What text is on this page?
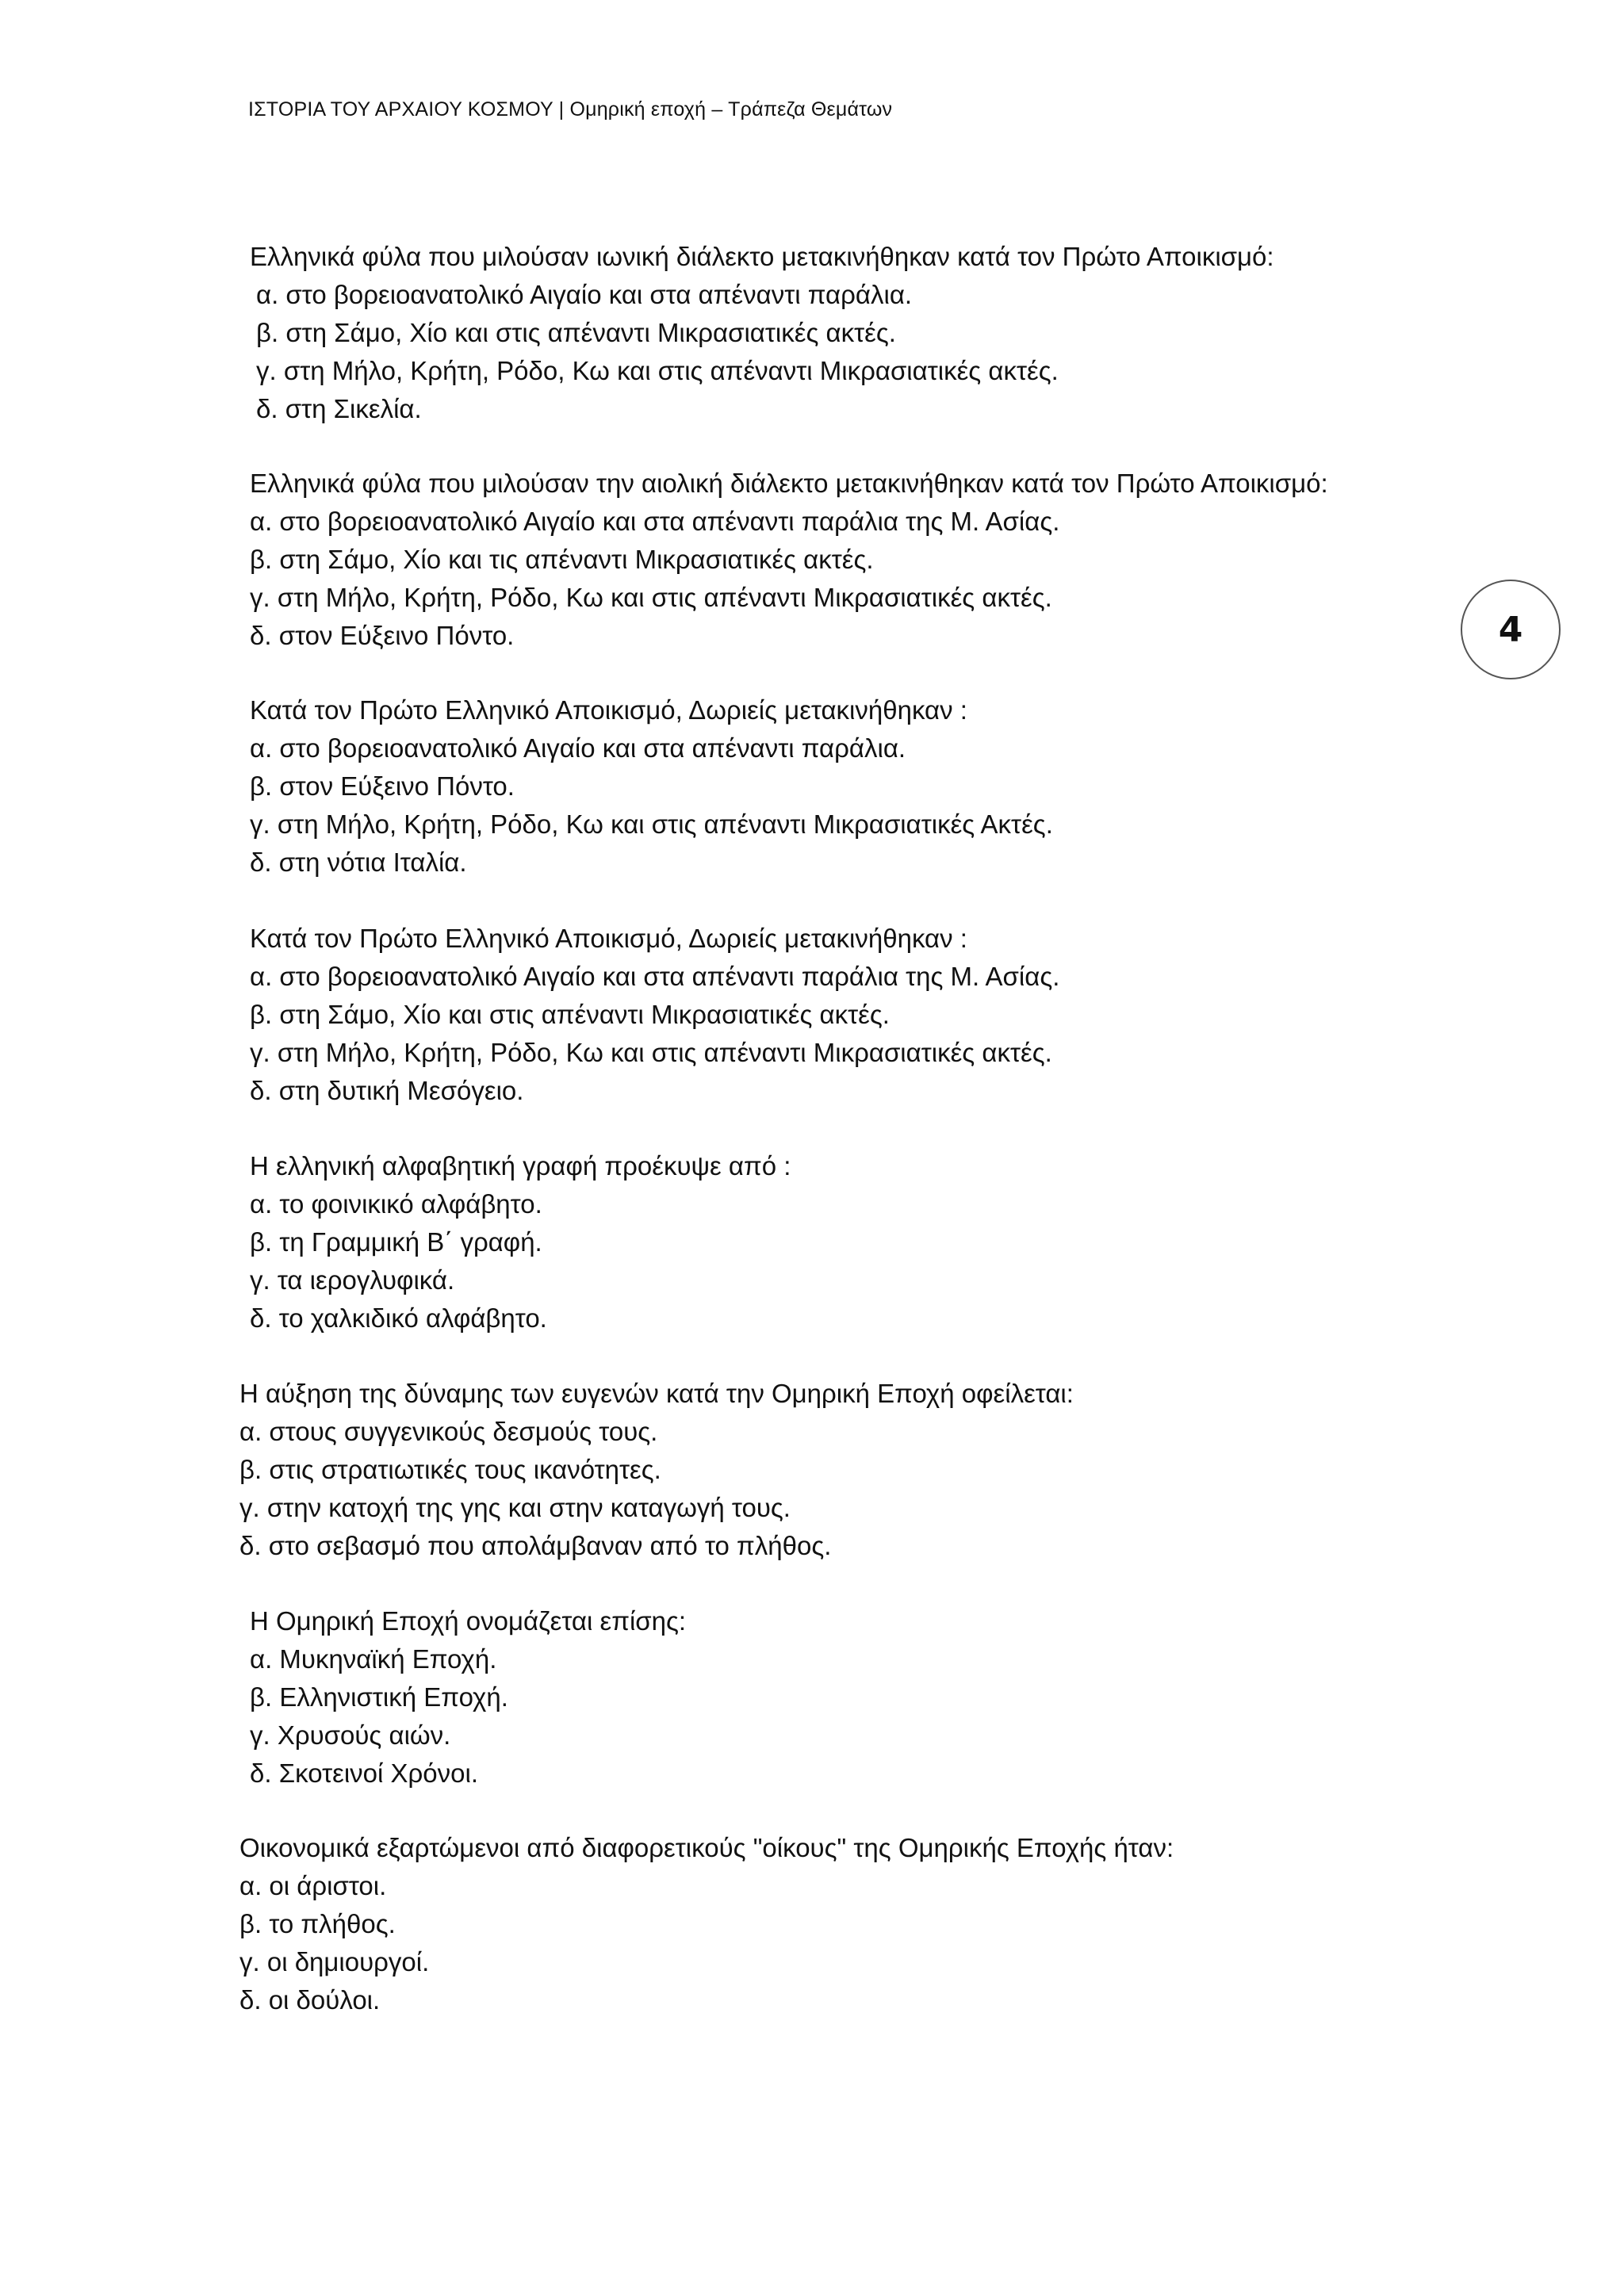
ΙΣΤΟΡΙΑ ΤΟΥ ΑΡΧΑΙΟΥ ΚΟΣΜΟΥ | Ομηρική εποχή – Τράπεζα Θεμάτων
4
Ελληνικά φύλα που μιλούσαν ιωνική διάλεκτο μετακινήθηκαν κατά τον Πρώτο Αποικισμό:
α. στο βορειοανατολικό Αιγαίο και στα απέναντι παράλια.
β. στη Σάμο, Χίο και στις απέναντι Μικρασιατικές ακτές.
γ. στη Μήλο, Κρήτη, Ρόδο, Κω και στις απέναντι Μικρασιατικές ακτές.
δ. στη Σικελία.
Ελληνικά φύλα που μιλούσαν την αιολική διάλεκτο μετακινήθηκαν κατά τον Πρώτο Αποικισμό:
α. στο βορειοανατολικό Αιγαίο και στα απέναντι παράλια της Μ. Ασίας.
β. στη Σάμο, Χίο και τις απέναντι Μικρασιατικές ακτές.
γ. στη Μήλο, Κρήτη, Ρόδο, Κω και στις απέναντι Μικρασιατικές ακτές.
δ. στον Εύξεινο Πόντο.
Κατά τον Πρώτο Ελληνικό Αποικισμό, Δωριείς μετακινήθηκαν :
α. στο βορειοανατολικό Αιγαίο και στα απέναντι παράλια.
β. στον Εύξεινο Πόντο.
γ. στη Μήλο, Κρήτη, Ρόδο, Κω και στις απέναντι Μικρασιατικές Ακτές.
δ. στη νότια Ιταλία.
Κατά τον Πρώτο Ελληνικό Αποικισμό, Δωριείς μετακινήθηκαν :
α. στο βορειοανατολικό Αιγαίο και στα απέναντι παράλια της Μ. Ασίας.
β. στη Σάμο, Χίο και στις απέναντι Μικρασιατικές ακτές.
γ. στη Μήλο, Κρήτη, Ρόδο, Κω και στις απέναντι Μικρασιατικές ακτές.
δ. στη δυτική Μεσόγειο.
Η ελληνική αλφαβητική γραφή προέκυψε από :
α. το φοινικικό αλφάβητο.
β. τη Γραμμική Β΄ γραφή.
γ. τα ιερογλυφικά.
δ. το χαλκιδικό αλφάβητο.
Η αύξηση της δύναμης των ευγενών κατά την Ομηρική Εποχή οφείλεται:
α. στους συγγενικούς δεσμούς τους.
β. στις στρατιωτικές τους ικανότητες.
γ. στην κατοχή της γης και στην καταγωγή τους.
δ. στο σεβασμό που απολάμβαναν από το πλήθος.
Η Ομηρική Εποχή ονομάζεται επίσης:
α. Μυκηναϊκή Εποχή.
β. Ελληνιστική Εποχή.
γ. Χρυσούς αιών.
δ. Σκοτεινοί Χρόνοι.
Οικονομικά εξαρτώμενοι από διαφορετικούς "οίκους" της Ομηρικής Εποχής ήταν:
α. οι άριστοι.
β. το πλήθος.
γ. οι δημιουργοί.
δ. οι δούλοι.
